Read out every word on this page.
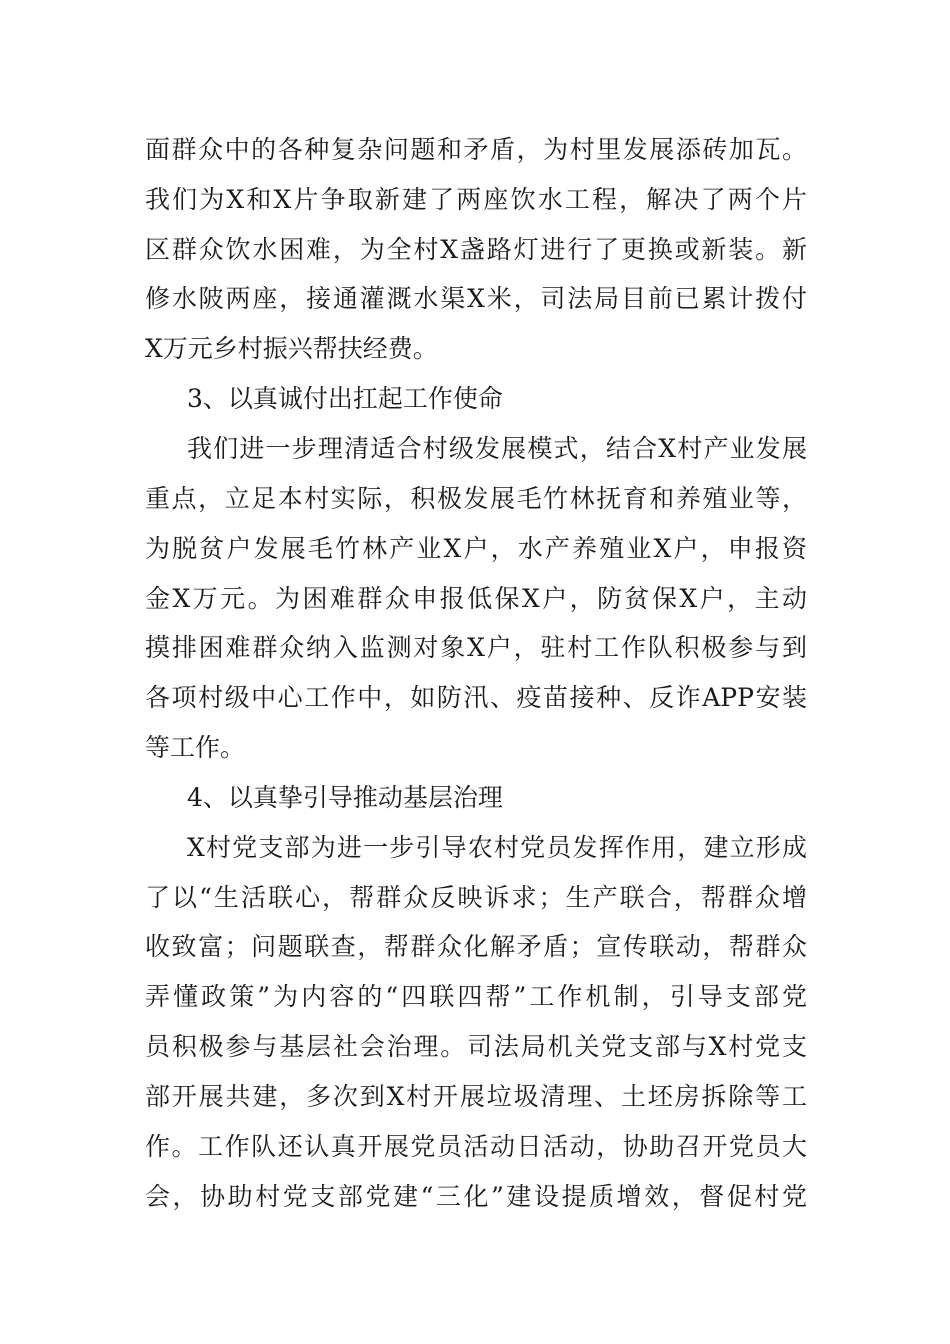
面群众中的各种复杂问题和矛盾，为村里发展添砖加瓦。
我们为X和X片争取新建了两座饮水工程，解决了两个片
区群众饮水困难，为全村X盏路灯进行了更换或新装。新
修水陂两座，接通灌溉水渠X米，司法局目前已累计拨付
X万元乡村振兴帮扶经费。
3、以真诚付出扛起工作使命
我们进一步理清适合村级发展模式，结合X村产业发展
重点，立足本村实际，积极发展毛竹林抚育和养殖业等，
为脱贫户发展毛竹林产业X户，水产养殖业X户，申报资
金X万元。为困难群众申报低保X户，防贫保X户，主动
摸排困难群众纳入监测对象X户，驻村工作队积极参与到
各项村级中心工作中，如防汛、疫苗接种、反诈APP安装
等工作。
4、以真挚引导推动基层治理
X村党支部为进一步引导农村党员发挥作用，建立形成
了以“生活联心，帮群众反映诉求；生产联合，帮群众增
收致富；问题联查，帮群众化解矛盾；宣传联动，帮群众
弄懂政策”为内容的“四联四帮”工作机制，引导支部党
员积极参与基层社会治理。司法局机关党支部与X村党支
部开展共建，多次到X村开展垃圾清理、土坯房拆除等工
作。工作队还认真开展党员活动日活动，协助召开党员大
会，协助村党支部党建“三化”建设提质增效，督促村党
